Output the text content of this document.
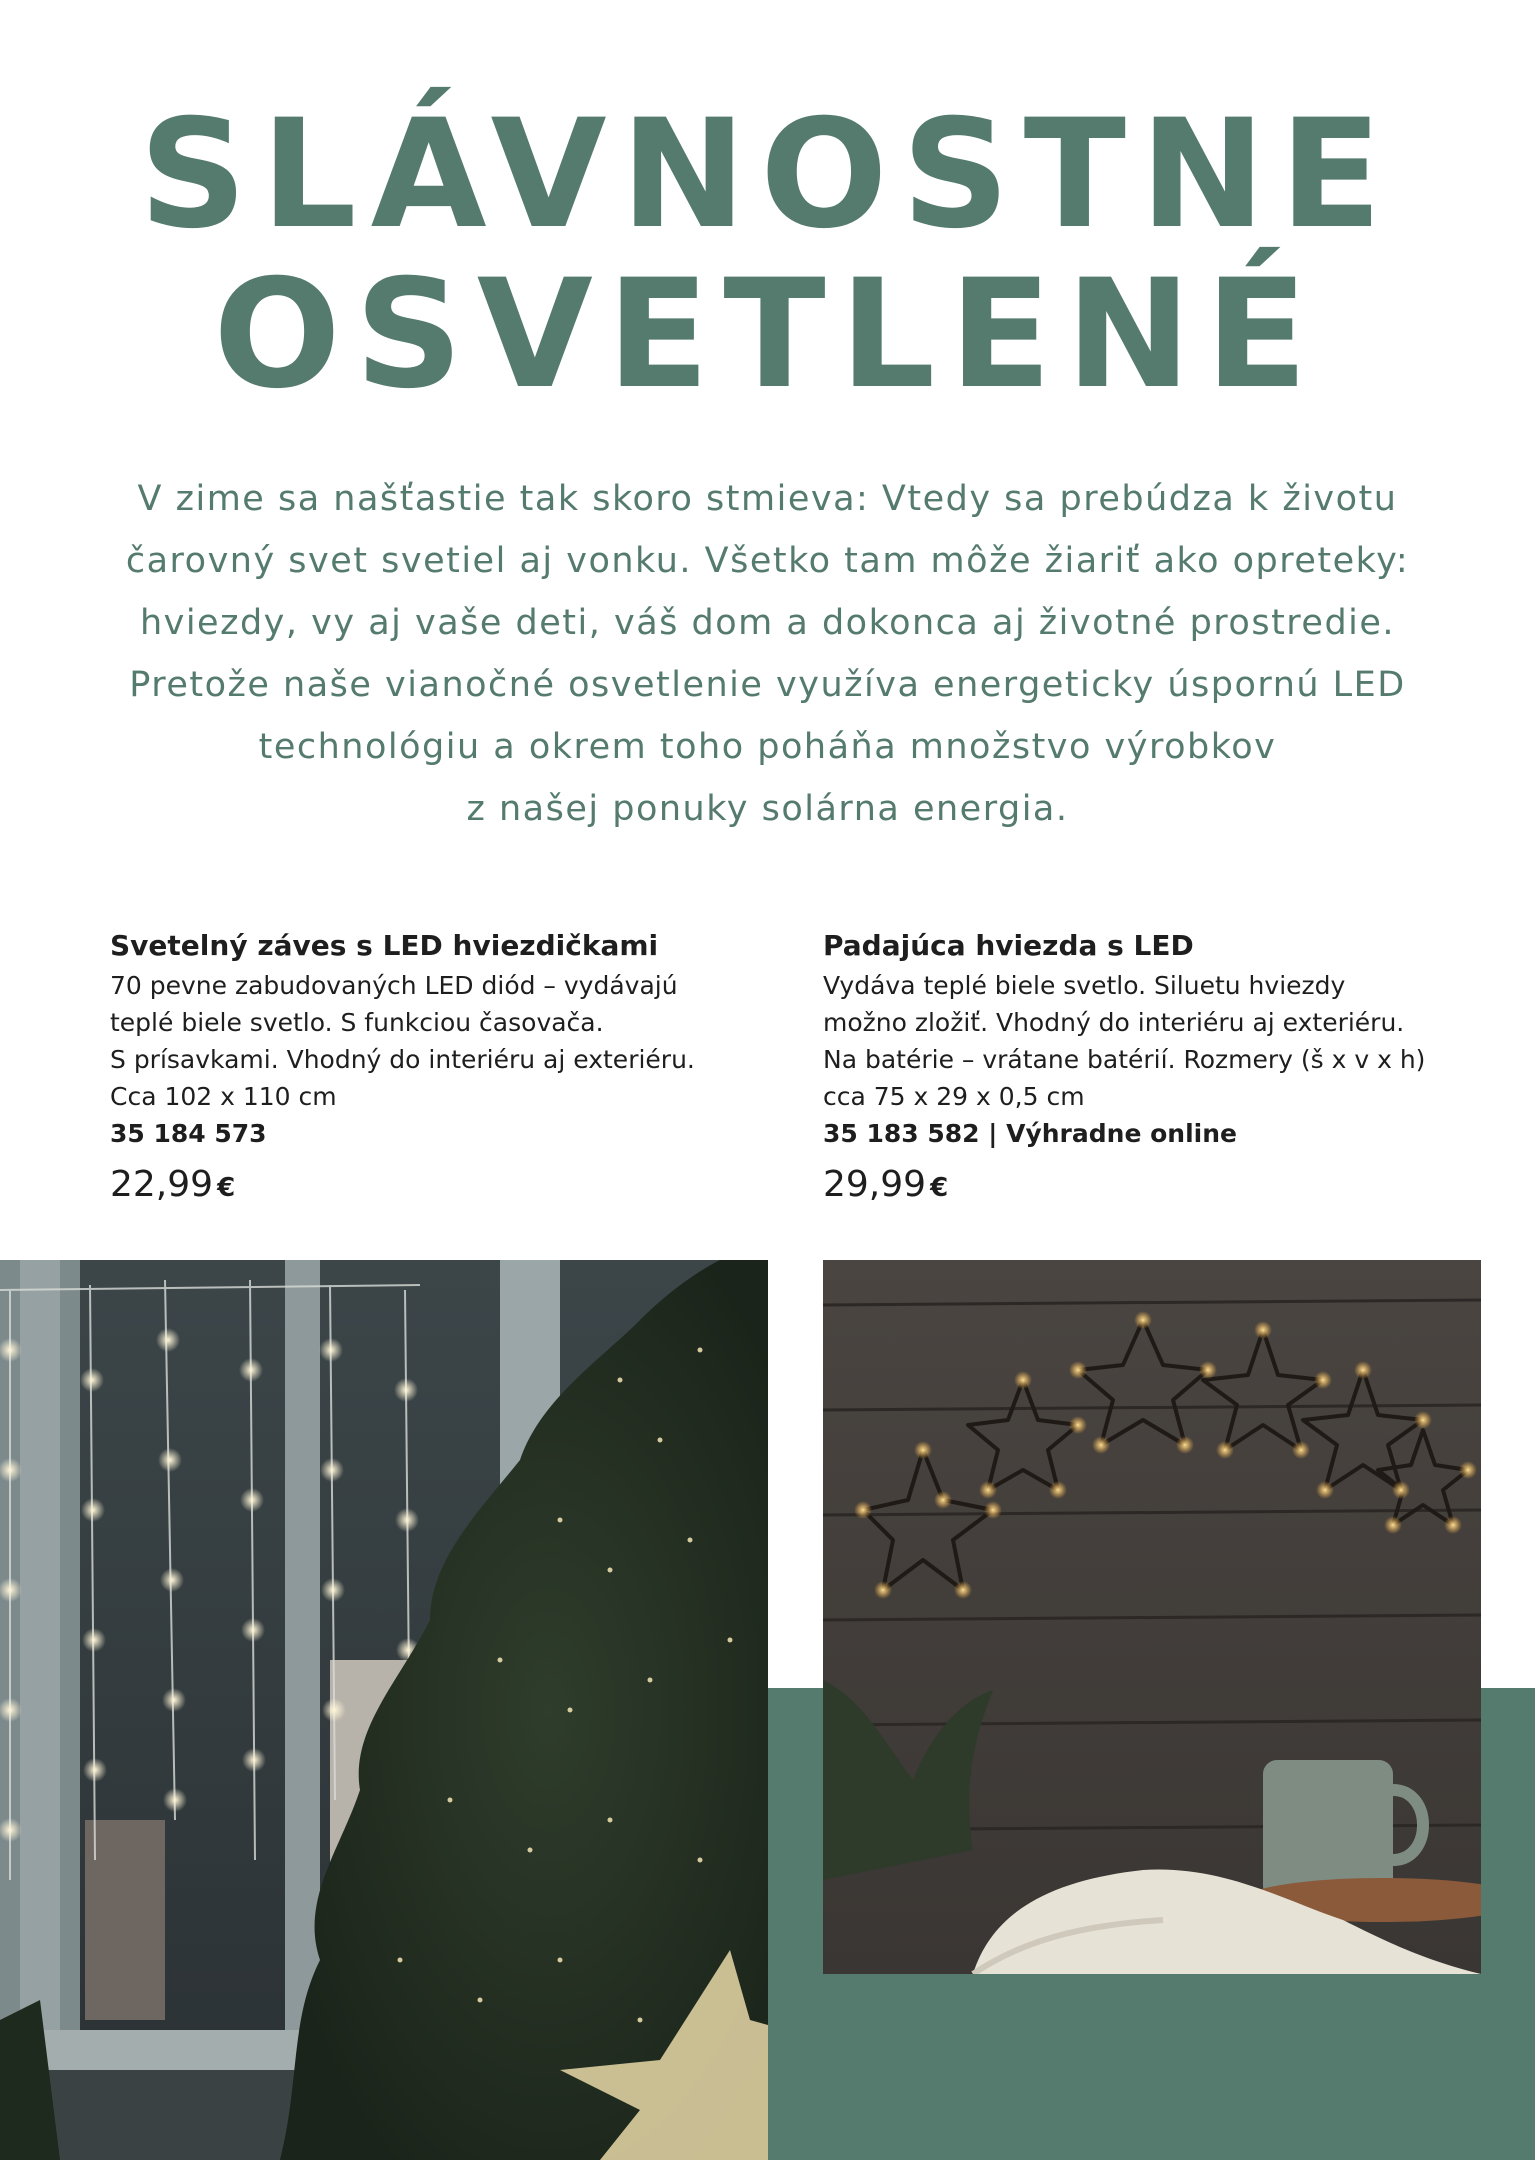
SLÁVNOSTNE
OSVETLENÉ

V zime sa našťastie tak skoro stmieva: Vtedy sa prebúdza k životu
čarovný svet svetiel aj vonku. Všetko tam môže žiariť ako opreteky:
hviezdy, vy aj vaše deti, váš dom a dokonca aj životné prostredie.
Pretože naše vianočné osvetlenie využíva energeticky úspornú LED
technológiu a okrem toho poháňa množstvo výrobkov
z našej ponuky solárna energia.

Svetelný záves s LED hviezdičkami

70 pevne zabudovaných LED diód – vydávajú
teplé biele svetlo. S funkciou časovača.
S prísavkami. Vhodný do interiéru aj exteriéru.
Cca 102 x 110 cm

35 184 573

22,99 €

Padajúca hviezda s LED

Vydáva teplé biele svetlo. Siluetu hviezdy
možno zložiť. Vhodný do interiéru aj exteriéru.
Na batérie – vrátane batérií. Rozmery (š x v x h)
cca 75 x 29 x 0,5 cm

35 183 582 | Výhradne online

29,99 €
